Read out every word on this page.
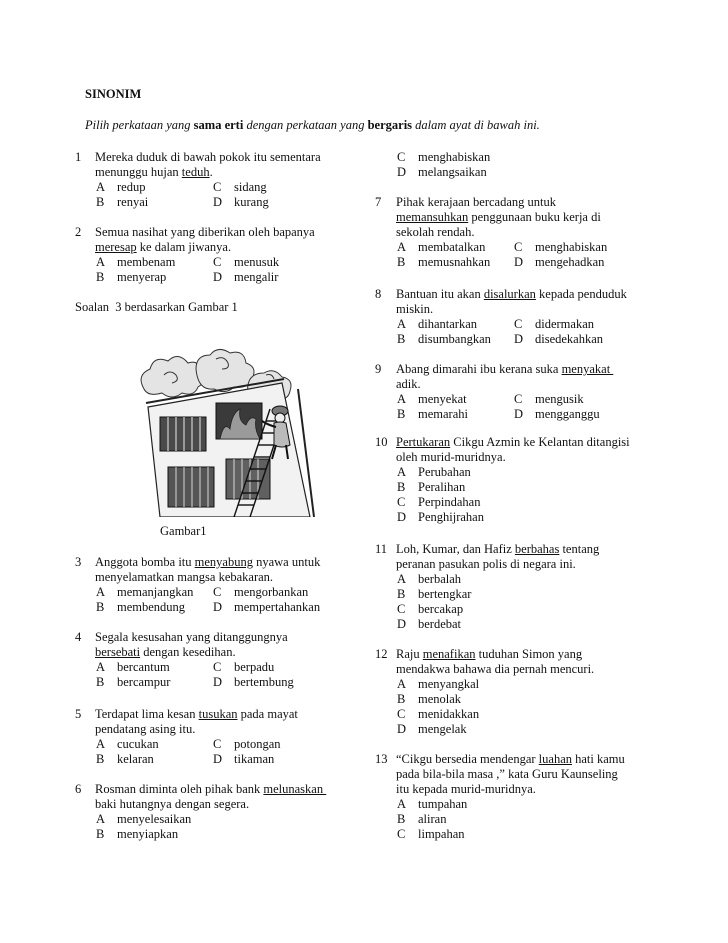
SINONIM
Pilih perkataan yang sama erti dengan perkataan yang bergaris dalam ayat di bawah ini.
Soalan  3 berdasarkan Gambar 1
Gambar1
1 Mereka duduk di bawah pokok itu sementara
menunggu hujan teduh.
A redup
B renyai
C sidang
D kurang
2 Semua nasihat yang diberikan oleh bapanya
meresap ke dalam jiwanya.
A membenam
B menyerap
C menusuk
D mengalir
3 Anggota bomba itu menyabung nyawa untuk
menyelamatkan mangsa kebakaran.
A memanjangkan
B membendung
C mengorbankan
D mempertahankan
4 Segala kesusahan yang ditanggungnya
bersebati dengan kesedihan.
A bercantum
B bercampur
C berpadu
D bertembung
5 Terdapat lima kesan tusukan pada mayat
pendatang asing itu.
A cucukan
B kelaran
C potongan
D tikaman
6 Rosman diminta oleh pihak bank melunaskan
baki hutangnya dengan segera.
A menyelesaikan
B menyiapkan
C menghabiskan
D melangsaikan
7 Pihak kerajaan bercadang untuk
memansuhkan penggunaan buku kerja di
sekolah rendah.
A membatalkan
B memusnahkan
C menghabiskan
D mengehadkan
8 Bantuan itu akan disalurkan kepada penduduk
miskin.
A dihantarkan
B disumbangkan
C didermakan
D disedekahkan
9 Abang dimarahi ibu kerana suka menyakat
adik.
A menyekat
B memarahi
C mengusik
D mengganggu
10 Pertukaran Cikgu Azmin ke Kelantan ditangisi
oleh murid-muridnya.
A Perubahan
B Peralihan
C Perpindahan
D Penghijrahan
11 Loh, Kumar, dan Hafiz berbahas tentang
peranan pasukan polis di negara ini.
A berbalah
B bertengkar
C bercakap
D berdebat
12 Raju menafikan tuduhan Simon yang
mendakwa bahawa dia pernah mencuri.
A menyangkal
B menolak
C menidakkan
D mengelak
13 “Cikgu bersedia mendengar luahan hati kamu
pada bila-bila masa ,” kata Guru Kaunseling
itu kepada murid-muridnya.
A tumpahan
B aliran
C limpahan
